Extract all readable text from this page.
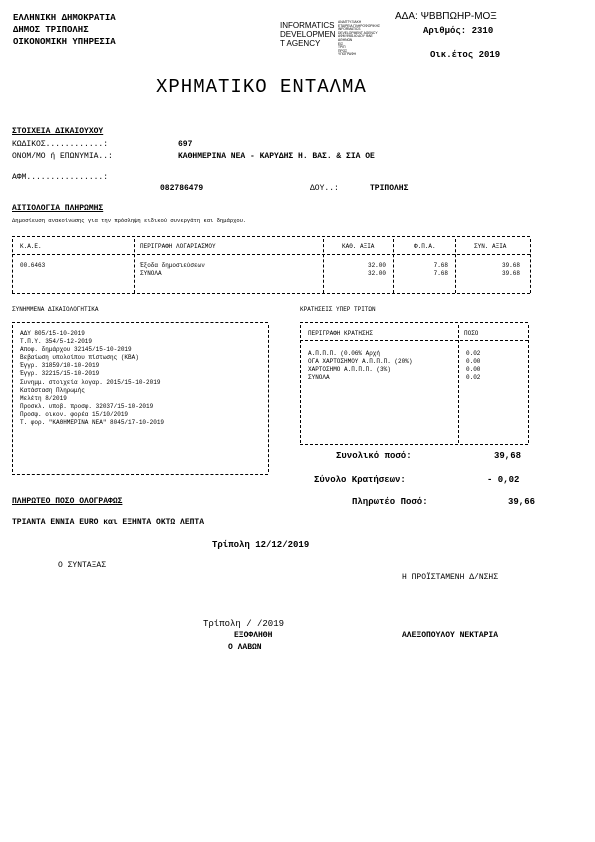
ΕΛΛΗΝΙΚΗ ΔΗΜΟΚΡΑΤΙΑ
ΔΗΜΟΣ ΤΡΙΠΟΛΗΣ
ΟΙΚΟΝΟΜΙΚΗ ΥΠΗΡΕΣΙΑ
INFORMATICS
DEVELOPMEN
T AGENCY
ΑΝΑΠΤΥΞΙΑΚΗ
ΕΤΑΙΡΕΙΑ ΠΛΗΡΟΦΟΡΙΚΗΣ
INFORMATICS
DEVELOPMENT AGENCY
ΑΦΜ 998140 ΔΟΥ ΦΑΕ
ΑΘΗΝΩΝ
ΕΙΣ
ΤΡΙΠ
ΠΡΟΣ
ΥΠΟΓΡΑΦΗ
ΑΔΑ: ΨΒΒΠΩΗΡ-ΜΟΞ
Αριθμός: 2310
Οικ.έτος 2019
ΧΡΗΜΑΤΙΚΟ ΕΝΤΑΛΜΑ
ΣΤΟΙΧΕΙΑ ΔΙΚΑΙΟΥΧΟΥ
ΚΩΔΙΚΟΣ............:	697
ΟΝΟΜ/ΜΟ ή ΕΠΩΝΥΜΙΑ..:	ΚΑΘΗΜΕΡΙΝΑ ΝΕΑ - ΚΑΡΥΔΗΣ Η. ΒΑΣ. & ΣΙΑ ΟΕ
ΑΦΜ................:
082786479	ΔΟΥ..:	ΤΡΙΠΟΛΗΣ
ΑΙΤΙΟΛΟΓΙΑ ΠΛΗΡΩΜΗΣ
Δημοσίευση ανακοίνωσης για την πρόσληψη ειδικού συνεργάτη και δημάρχου.
Κ.Α.Ε.	ΠΕΡΙΓΡΑΦΗ ΛΟΓΑΡΙΑΣΜΟΥ	ΚΑΘ. ΑΞΙΑ	Φ.Π.Α.	ΣΥΝ. ΑΞΙΑ
00.6463	Έξοδα δημοσιεύσεων	32.00	7.68	39.68
ΣΥΝΟΛΑ	32.00	7.68	39.68
ΣΥΝΗΜΜΕΝΑ ΔΙΚΑΙΟΛΟΓΗΤΙΚΑ
ΑΔΥ 805/15-10-2019
Τ.Π.Υ. 354/5-12-2019
Αποφ. δημάρχου 32145/15-10-2019
Βεβαίωση υπολοίπου πίστωσης (ΚΒΑ)
Έγγρ. 31859/10-10-2019
Έγγρ. 32215/15-10-2019
Συνημμ. στοιχεία λογαρ. 2015/15-10-2019
Κατάσταση Πληρωμής
Μελέτη 8/2019
Προσκλ. υποβ. προσφ. 32037/15-10-2019
Προσφ. οικον. φορέα 15/10/2019
Τ. φορ. "ΚΑΘΗΜΕΡΙΝΑ ΝΕΑ" 8045/17-10-2019
ΚΡΑΤΗΣΕΙΣ ΥΠΕΡ ΤΡΙΤΩΝ
ΠΕΡΙΓΡΑΦΗ ΚΡΑΤΗΣΗΣ	ΠΟΣΟ
Α.Π.Π.Π. (0.06% Αρχή	0.02
ΟΓΑ ΧΑΡΤΟΣΗΜΟΥ Α.Π.Π.Π. (20%)	0.00
ΧΑΡΤΟΣΗΜΟ Α.Π.Π.Π. (3%)	0.00
ΣΥΝΟΛΑ	0.02
Συνολικό ποσό:	39,68
Σύνολο Κρατήσεων:	- 0,02
ΠΛΗΡΩΤΕΟ ΠΟΣΟ ΟΛΟΓΡΑΦΩΣ	Πληρωτέο Ποσό:	39,66
ΤΡΙΑΝΤΑ ΕΝΝΙΑ EURO και ΕΞΗΝΤΑ ΟΚΤΩ ΛΕΠΤΑ
Τρίπολη 12/12/2019
Ο ΣΥΝΤΑΞΑΣ
Η ΠΡΟΪΣΤΑΜΕΝΗ Δ/ΝΣΗΣ
Τρίπολη / /2019
ΕΞΟΦΛΗΘΗ	ΑΛΕΞΟΠΟΥΛΟΥ ΝΕΚΤΑΡΙΑ
Ο ΛΑΒΩΝ
